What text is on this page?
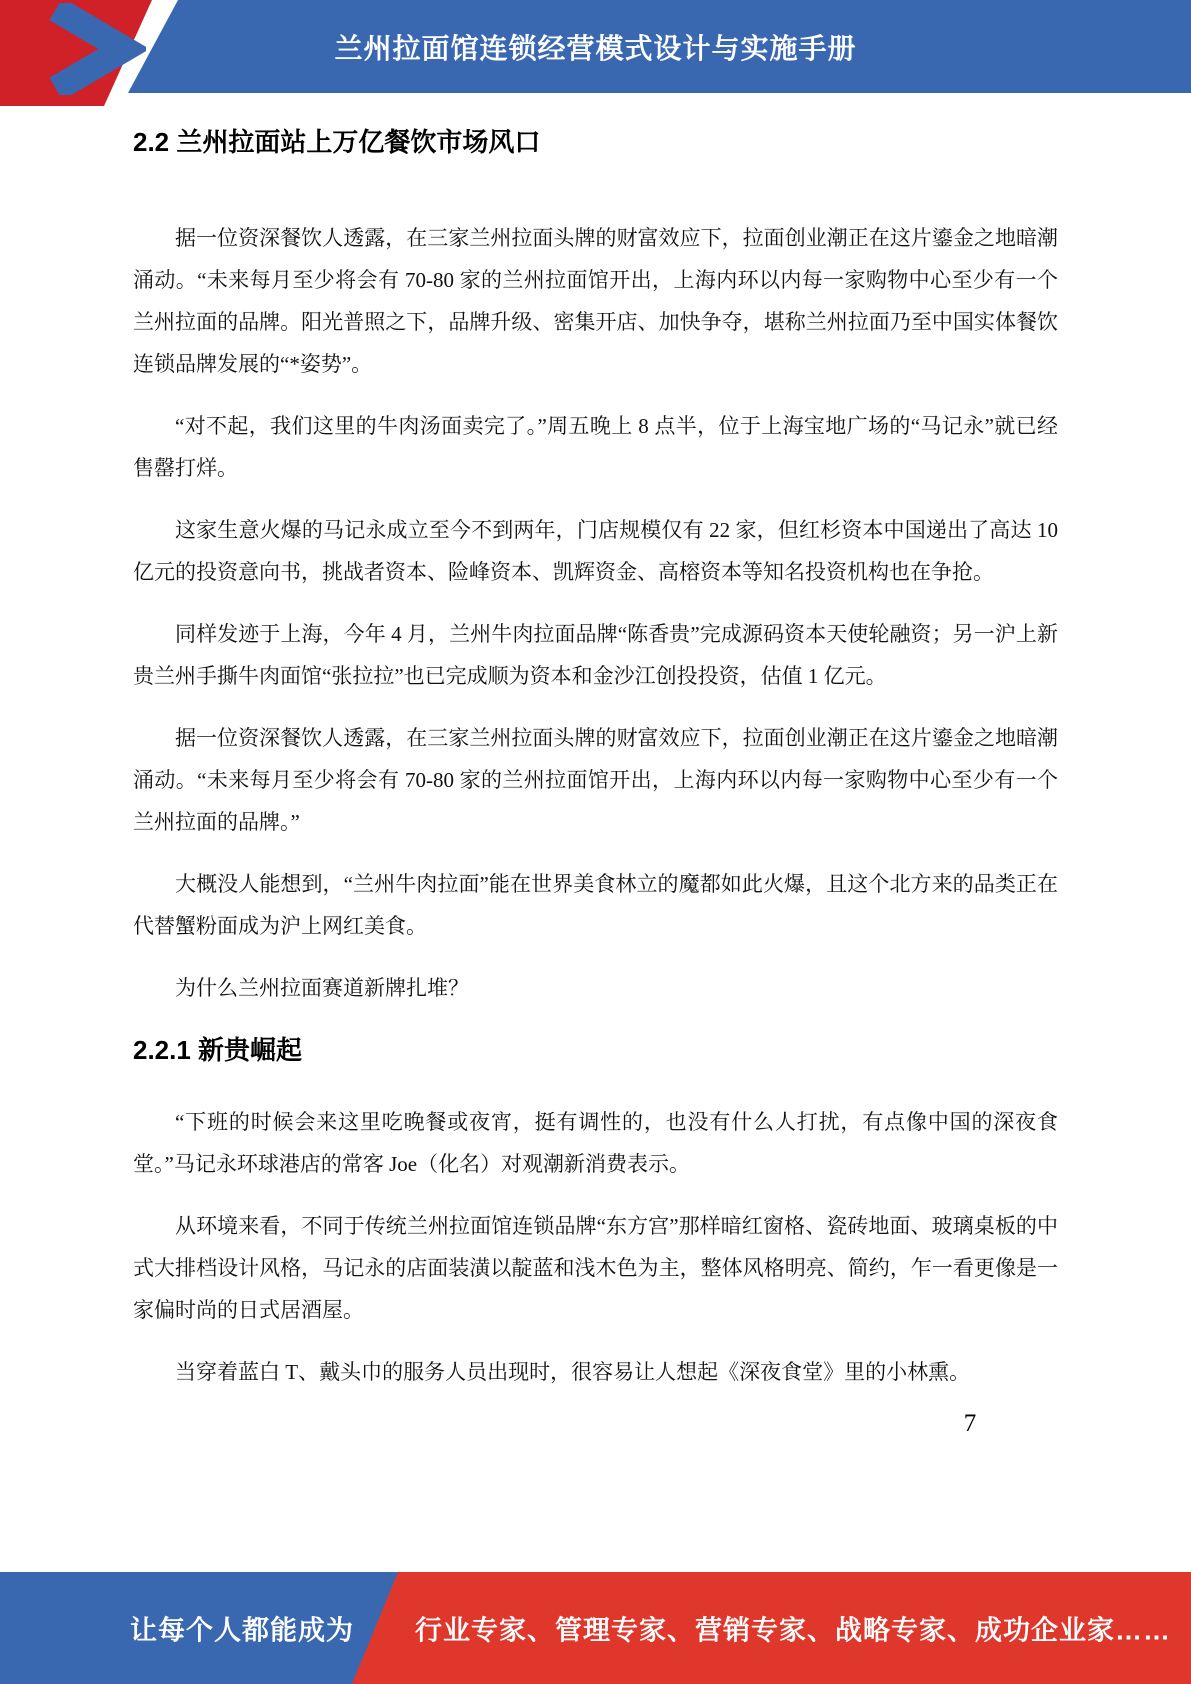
兰州拉面馆连锁经营模式设计与实施手册
2.2 兰州拉面站上万亿餐饮市场风口

据一位资深餐饮人透露，在三家兰州拉面头牌的财富效应下，拉面创业潮正在这片鎏金之地暗潮涌动。“未来每月至少将会有 70-80 家的兰州拉面馆开出，上海内环以内每一家购物中心至少有一个兰州拉面的品牌。阳光普照之下，品牌升级、密集开店、加快争夺，堪称兰州拉面乃至中国实体餐饮连锁品牌发展的“*姿势”。

“对不起，我们这里的牛肉汤面卖完了。”周五晚上 8 点半，位于上海宝地广场的“马记永”就已经售罄打烊。

这家生意火爆的马记永成立至今不到两年，门店规模仅有 22 家，但红杉资本中国递出了高达 10 亿元的投资意向书，挑战者资本、险峰资本、凯辉资金、高榕资本等知名投资机构也在争抢。

同样发迹于上海，今年 4 月，兰州牛肉拉面品牌“陈香贵”完成源码资本天使轮融资；另一沪上新贵兰州手撕牛肉面馆“张拉拉”也已完成顺为资本和金沙江创投投资，估值 1 亿元。

据一位资深餐饮人透露，在三家兰州拉面头牌的财富效应下，拉面创业潮正在这片鎏金之地暗潮涌动。“未来每月至少将会有 70-80 家的兰州拉面馆开出，上海内环以内每一家购物中心至少有一个兰州拉面的品牌。”

大概没人能想到，“兰州牛肉拉面”能在世界美食林立的魔都如此火爆，且这个北方来的品类正在代替蟹粉面成为沪上网红美食。

为什么兰州拉面赛道新牌扎堆？

2.2.1 新贵崛起

“下班的时候会来这里吃晚餐或夜宵，挺有调性的，也没有什么人打扰，有点像中国的深夜食堂。”马记永环球港店的常客 Joe（化名）对观潮新消费表示。

从环境来看，不同于传统兰州拉面馆连锁品牌“东方宫”那样暗红窗格、瓷砖地面、玻璃桌板的中式大排档设计风格，马记永的店面装潢以靛蓝和浅木色为主，整体风格明亮、简约，乍一看更像是一家偏时尚的日式居酒屋。

当穿着蓝白 T、戴头巾的服务人员出现时，很容易让人想起《深夜食堂》里的小林熏。

7
让每个人都能成为 行业专家、管理专家、营销专家、战略专家、成功企业家……
